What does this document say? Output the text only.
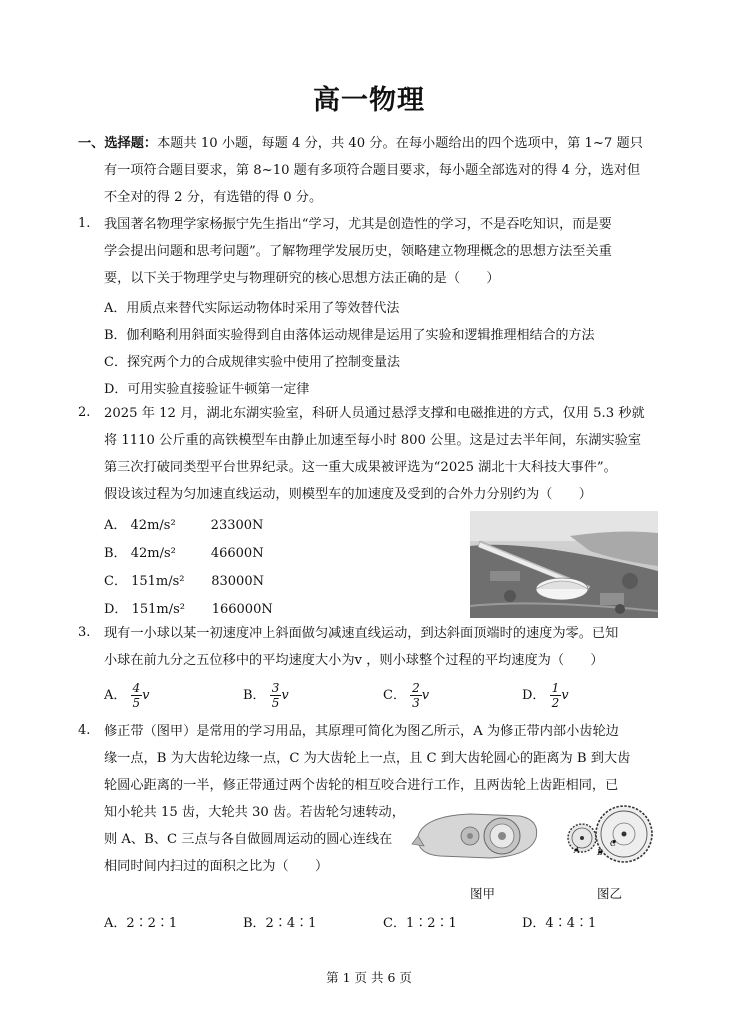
高一物理
一、选择题：本题共 10 小题，每题 4 分，共 40 分。在每小题给出的四个选项中，第 1~7 题只
有一项符合题目要求，第 8~10 题有多项符合题目要求，每小题全部选对的得 4 分，选对但
不全对的得 2 分，有选错的得 0 分。
1. 我国著名物理学家杨振宁先生指出“学习，尤其是创造性的学习，不是吞吃知识，而是要
学会提出问题和思考问题”。了解物理学发展历史，领略建立物理概念的思想方法至关重
要，以下关于物理学史与物理研究的核心思想方法正确的是（　　）
A．用质点来替代实际运动物体时采用了等效替代法
B．伽利略利用斜面实验得到自由落体运动规律是运用了实验和逻辑推理相结合的方法
C．探究两个力的合成规律实验中使用了控制变量法
D．可用实验直接验证牛顿第一定律
2. 2025 年 12 月，湖北东湖实验室，科研人员通过悬浮支撑和电磁推进的方式，仅用 5.3 秒就
将 1110 公斤重的高铁模型车由静止加速至每小时 800 公里。这是过去半年间，东湖实验室
第三次打破同类型平台世界纪录。这一重大成果被评选为“2025 湖北十大科技大事件”。
假设该过程为匀加速直线运动，则模型车的加速度及受到的合外力分别约为（　　）
A． 42m/s²	23300N
B． 42m/s²	46600N
C． 151m/s² 83000N
D． 151m/s² 166000N
3. 现有一小球以某一初速度冲上斜面做匀减速直线运动，到达斜面顶端时的速度为零。已知
小球在前九分之五位移中的平均速度大小为v ，则小球整个过程的平均速度为（　　）
A． $\frac{4}{5}$ v	B． $\frac{3}{5}$ v	C． $\frac{2}{3}$ v	D． $\frac{1}{2}$ v
4. 修正带（图甲）是常用的学习用品，其原理可简化为图乙所示，A 为修正带内部小齿轮边
缘一点，B 为大齿轮边缘一点，C 为大齿轮上一点，且 C 到大齿轮圆心的距离为 B 到大齿
轮圆心距离的一半，修正带通过两个齿轮的相互咬合进行工作，且两齿轮上齿距相同，已
知小轮共 15 齿，大轮共 30 齿。若齿轮匀速转动，
则 A、B、C 三点与各自做圆周运动的圆心连线在
相同时间内扫过的面积之比为（　　）
A B
C
图甲	图乙
A．2∶2∶1	B．2∶4∶1	C．1∶2∶1	D．4∶4∶1
第 1 页 共 6 页
